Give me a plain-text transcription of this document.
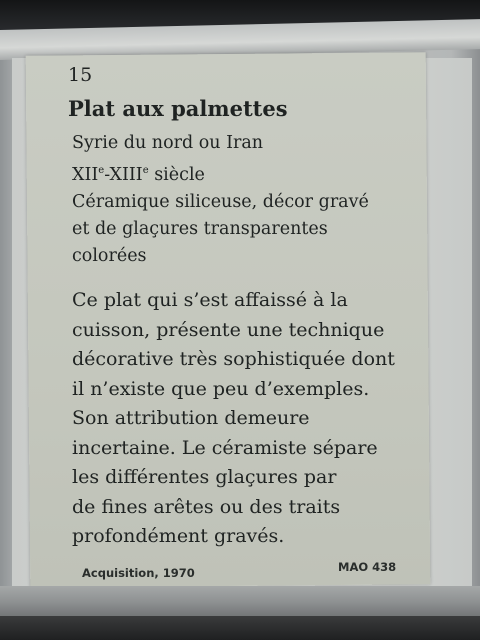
15
Plat aux palmettes
Syrie du nord ou Iran
XIIe-XIIIe siècle
Céramique siliceuse, décor gravé
et de glaçures transparentes
colorées
Ce plat qui s’est affaissé à la
cuisson, présente une technique
décorative très sophistiquée dont
il n’existe que peu d’exemples.
Son attribution demeure
incertaine. Le céramiste sépare
les différentes glaçures par
de fines arêtes ou des traits
profondément gravés.
Acquisition, 1970	MAO 438
